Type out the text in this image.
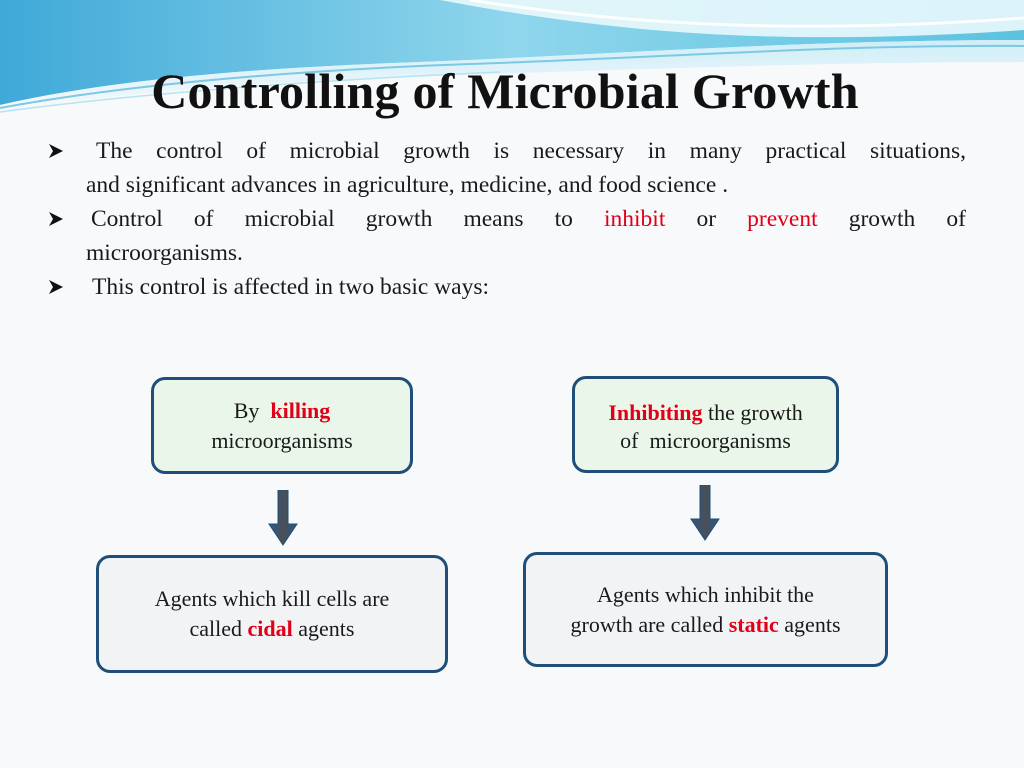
Controlling of Microbial Growth
The control of microbial growth is necessary in many practical situations,
and significant advances in agriculture, medicine, and food science .
Control of microbial growth means to inhibit or prevent growth of
microorganisms.
This control is affected in two basic ways:
By killing
microorganisms
Inhibiting the growth
of  microorganisms
Agents which kill cells are
called cidal agents
Agents which inhibit the
growth are called static agents
